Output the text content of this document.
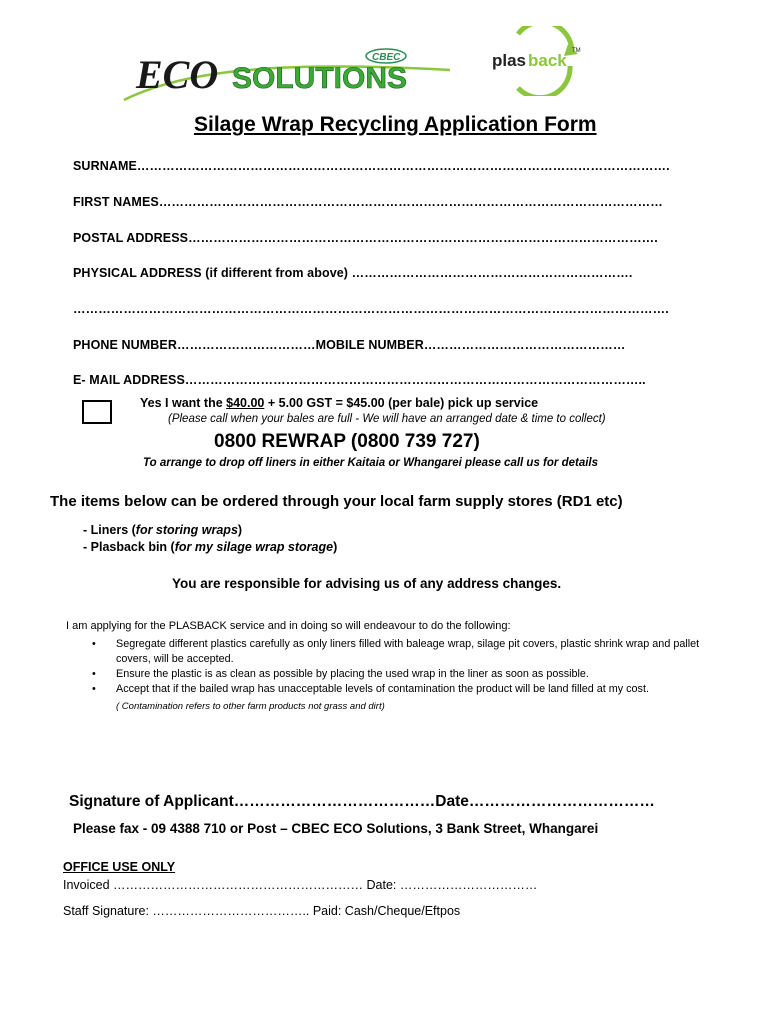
CBEC
ECO SOLUTIONS
plas back TM
Silage Wrap Recycling Application Form
SURNAME……………………………………………………………………………………………………………….
FIRST NAMES…………………………………………………………………………………………………………
POSTAL ADDRESS………………………………………………………………………………………………….
PHYSICAL ADDRESS (if different from above) ………………………………………………………….
…………………………………………………………………………………………………………………………….
PHONE NUMBER……………………………MOBILE NUMBER…………………………………………
E- MAIL ADDRESS………………………………………………………………………………………………..
Yes I want the $40.00 + 5.00 GST = $45.00 (per bale) pick up service
(Please call when your bales are full - We will have an arranged date & time to collect)
0800 REWRAP (0800 739 727)
To arrange to drop off liners in either Kaitaia or Whangarei please call us for details
The items below can be ordered through your local farm supply stores (RD1 etc)
- Liners (for storing wraps)
- Plasback bin (for my silage wrap storage)
You are responsible for advising us of any address changes.
I am applying for the PLASBACK service and in doing so will endeavour to do the following:
• Segregate different plastics carefully as only liners filled with baleage wrap, silage pit covers, plastic shrink wrap and pallet covers, will be accepted.
• Ensure the plastic is as clean as possible by placing the used wrap in the liner as soon as possible.
• Accept that if the bailed wrap has unacceptable levels of contamination the product will be land filled at my cost.
( Contamination refers to other farm products not grass and dirt)
Signature of Applicant…………………………………Date………………………………
Please fax - 09 4388 710 or Post – CBEC ECO Solutions, 3 Bank Street, Whangarei
OFFICE USE ONLY
Invoiced …………………………………………………… Date: ……………………………
Staff Signature: ……………………………….. Paid: Cash/Cheque/Eftpos
